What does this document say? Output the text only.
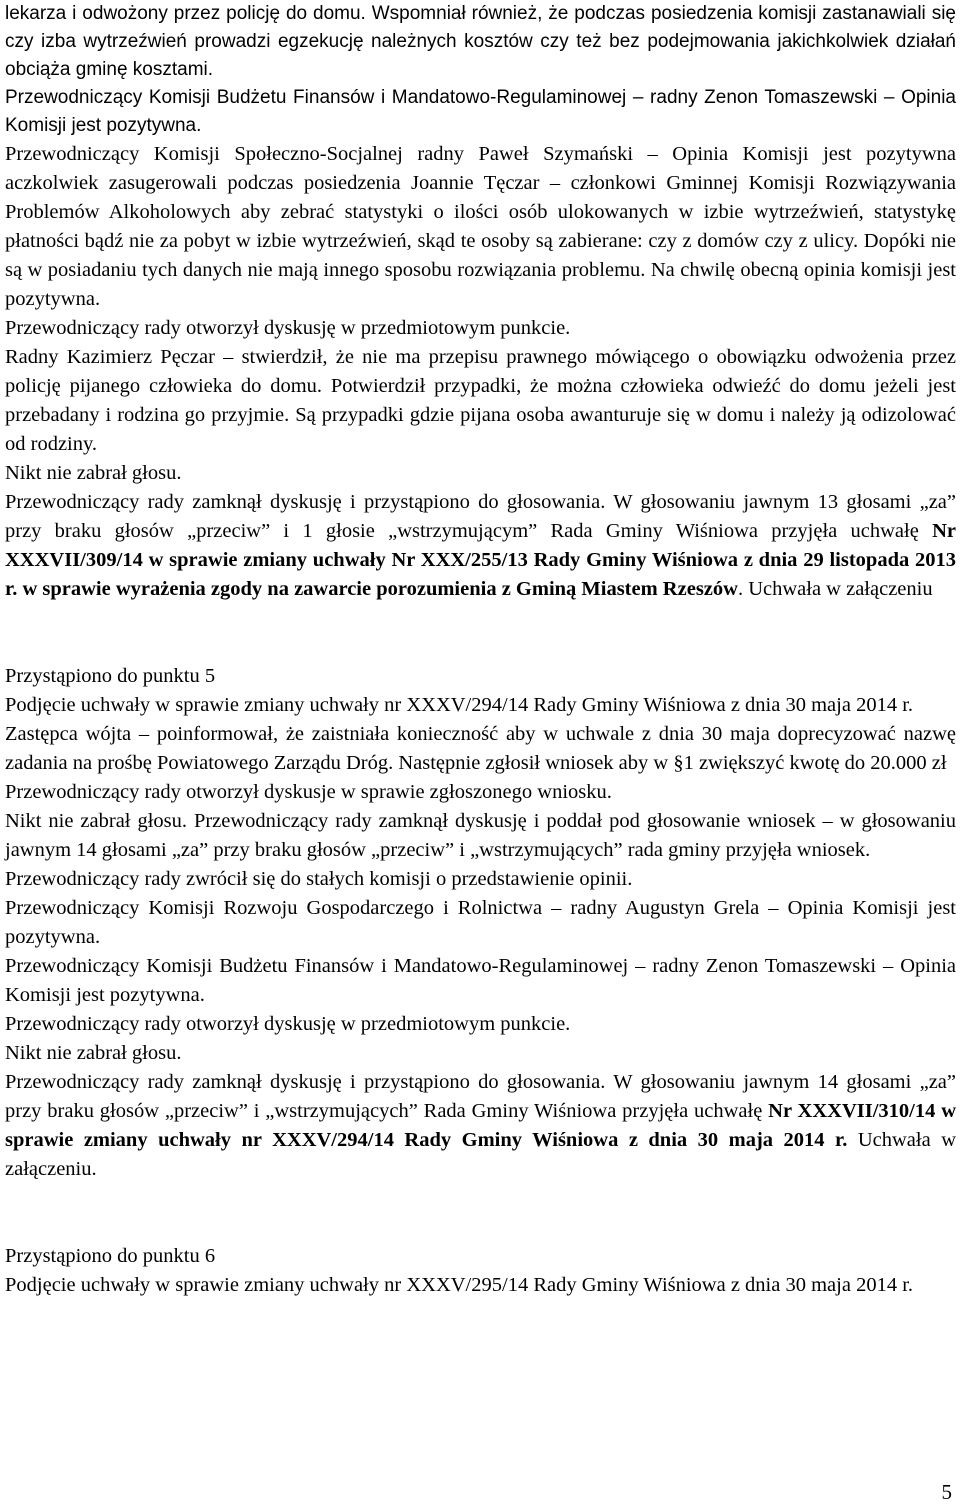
lekarza i odwożony przez policję do domu. Wspomniał również, że podczas posiedzenia komisji zastanawiali się czy izba wytrzeźwień prowadzi egzekucję należnych kosztów czy też bez podejmowania jakichkolwiek działań obciąża gminę kosztami.

Przewodniczący Komisji Budżetu Finansów i Mandatowo-Regulaminowej – radny Zenon Tomaszewski – Opinia Komisji jest pozytywna.

Przewodniczący Komisji Społeczno-Socjalnej radny Paweł Szymański – Opinia Komisji jest pozytywna aczkolwiek zasugerowali podczas posiedzenia Joannie Tęczar – członkowi Gminnej Komisji Rozwiązywania Problemów Alkoholowych aby zebrać statystyki o ilości osób ulokowanych w izbie wytrzeźwień, statystykę płatności bądź nie za pobyt w izbie wytrzeźwień, skąd te osoby są zabierane: czy z domów czy z ulicy. Dopóki nie są w posiadaniu tych danych nie mają innego sposobu rozwiązania problemu. Na chwilę obecną opinia komisji jest pozytywna.

Przewodniczący rady otworzył dyskusję w przedmiotowym punkcie.

Radny Kazimierz Pęczar – stwierdził, że nie ma przepisu prawnego mówiącego o obowiązku odwożenia przez policję pijanego człowieka do domu. Potwierdził przypadki, że można człowieka odwieźć do domu jeżeli jest przebadany i rodzina go przyjmie. Są przypadki gdzie pijana osoba awanturuje się w domu i należy ją odizolować od rodziny.

Nikt nie zabrał głosu.

Przewodniczący rady zamknął dyskusję i przystąpiono do głosowania. W głosowaniu jawnym 13 głosami „za” przy braku głosów „przeciw” i 1 głosie „wstrzymującym” Rada Gminy Wiśniowa przyjęła uchwałę Nr XXXVII/309/14 w sprawie zmiany uchwały Nr XXX/255/13 Rady Gminy Wiśniowa z dnia 29 listopada 2013 r. w sprawie wyrażenia zgody na zawarcie porozumienia z Gminą Miastem Rzeszów. Uchwała w załączeniu

Przystąpiono do punktu 5

Podjęcie uchwały w sprawie zmiany uchwały nr XXXV/294/14 Rady Gminy Wiśniowa z dnia 30 maja 2014 r.

Zastępca wójta – poinformował, że zaistniała konieczność aby w uchwale z dnia 30 maja doprecyzować nazwę zadania na prośbę Powiatowego Zarządu Dróg. Następnie zgłosił wniosek aby w §1 zwiększyć kwotę do 20.000 zł

Przewodniczący rady otworzył dyskusje w sprawie zgłoszonego wniosku.

Nikt nie zabrał głosu. Przewodniczący rady zamknął dyskusję i poddał pod głosowanie wniosek – w głosowaniu jawnym 14 głosami „za” przy braku głosów „przeciw” i „wstrzymujących” rada gminy przyjęła wniosek.

Przewodniczący rady zwrócił się do stałych komisji o przedstawienie opinii.

Przewodniczący Komisji Rozwoju Gospodarczego i Rolnictwa – radny Augustyn Grela – Opinia Komisji jest pozytywna.

Przewodniczący Komisji Budżetu Finansów i Mandatowo-Regulaminowej – radny Zenon Tomaszewski – Opinia Komisji jest pozytywna.

Przewodniczący rady otworzył dyskusję w przedmiotowym punkcie.

Nikt nie zabrał głosu.

Przewodniczący rady zamknął dyskusję i przystąpiono do głosowania. W głosowaniu jawnym 14 głosami „za” przy braku głosów „przeciw” i „wstrzymujących” Rada Gminy Wiśniowa przyjęła uchwałę Nr XXXVII/310/14 w sprawie zmiany uchwały nr XXXV/294/14 Rady Gminy Wiśniowa z dnia 30 maja 2014 r. Uchwała w załączeniu.

Przystąpiono do punktu 6

Podjęcie uchwały w sprawie zmiany uchwały nr XXXV/295/14 Rady Gminy Wiśniowa z dnia 30 maja 2014 r.

5
